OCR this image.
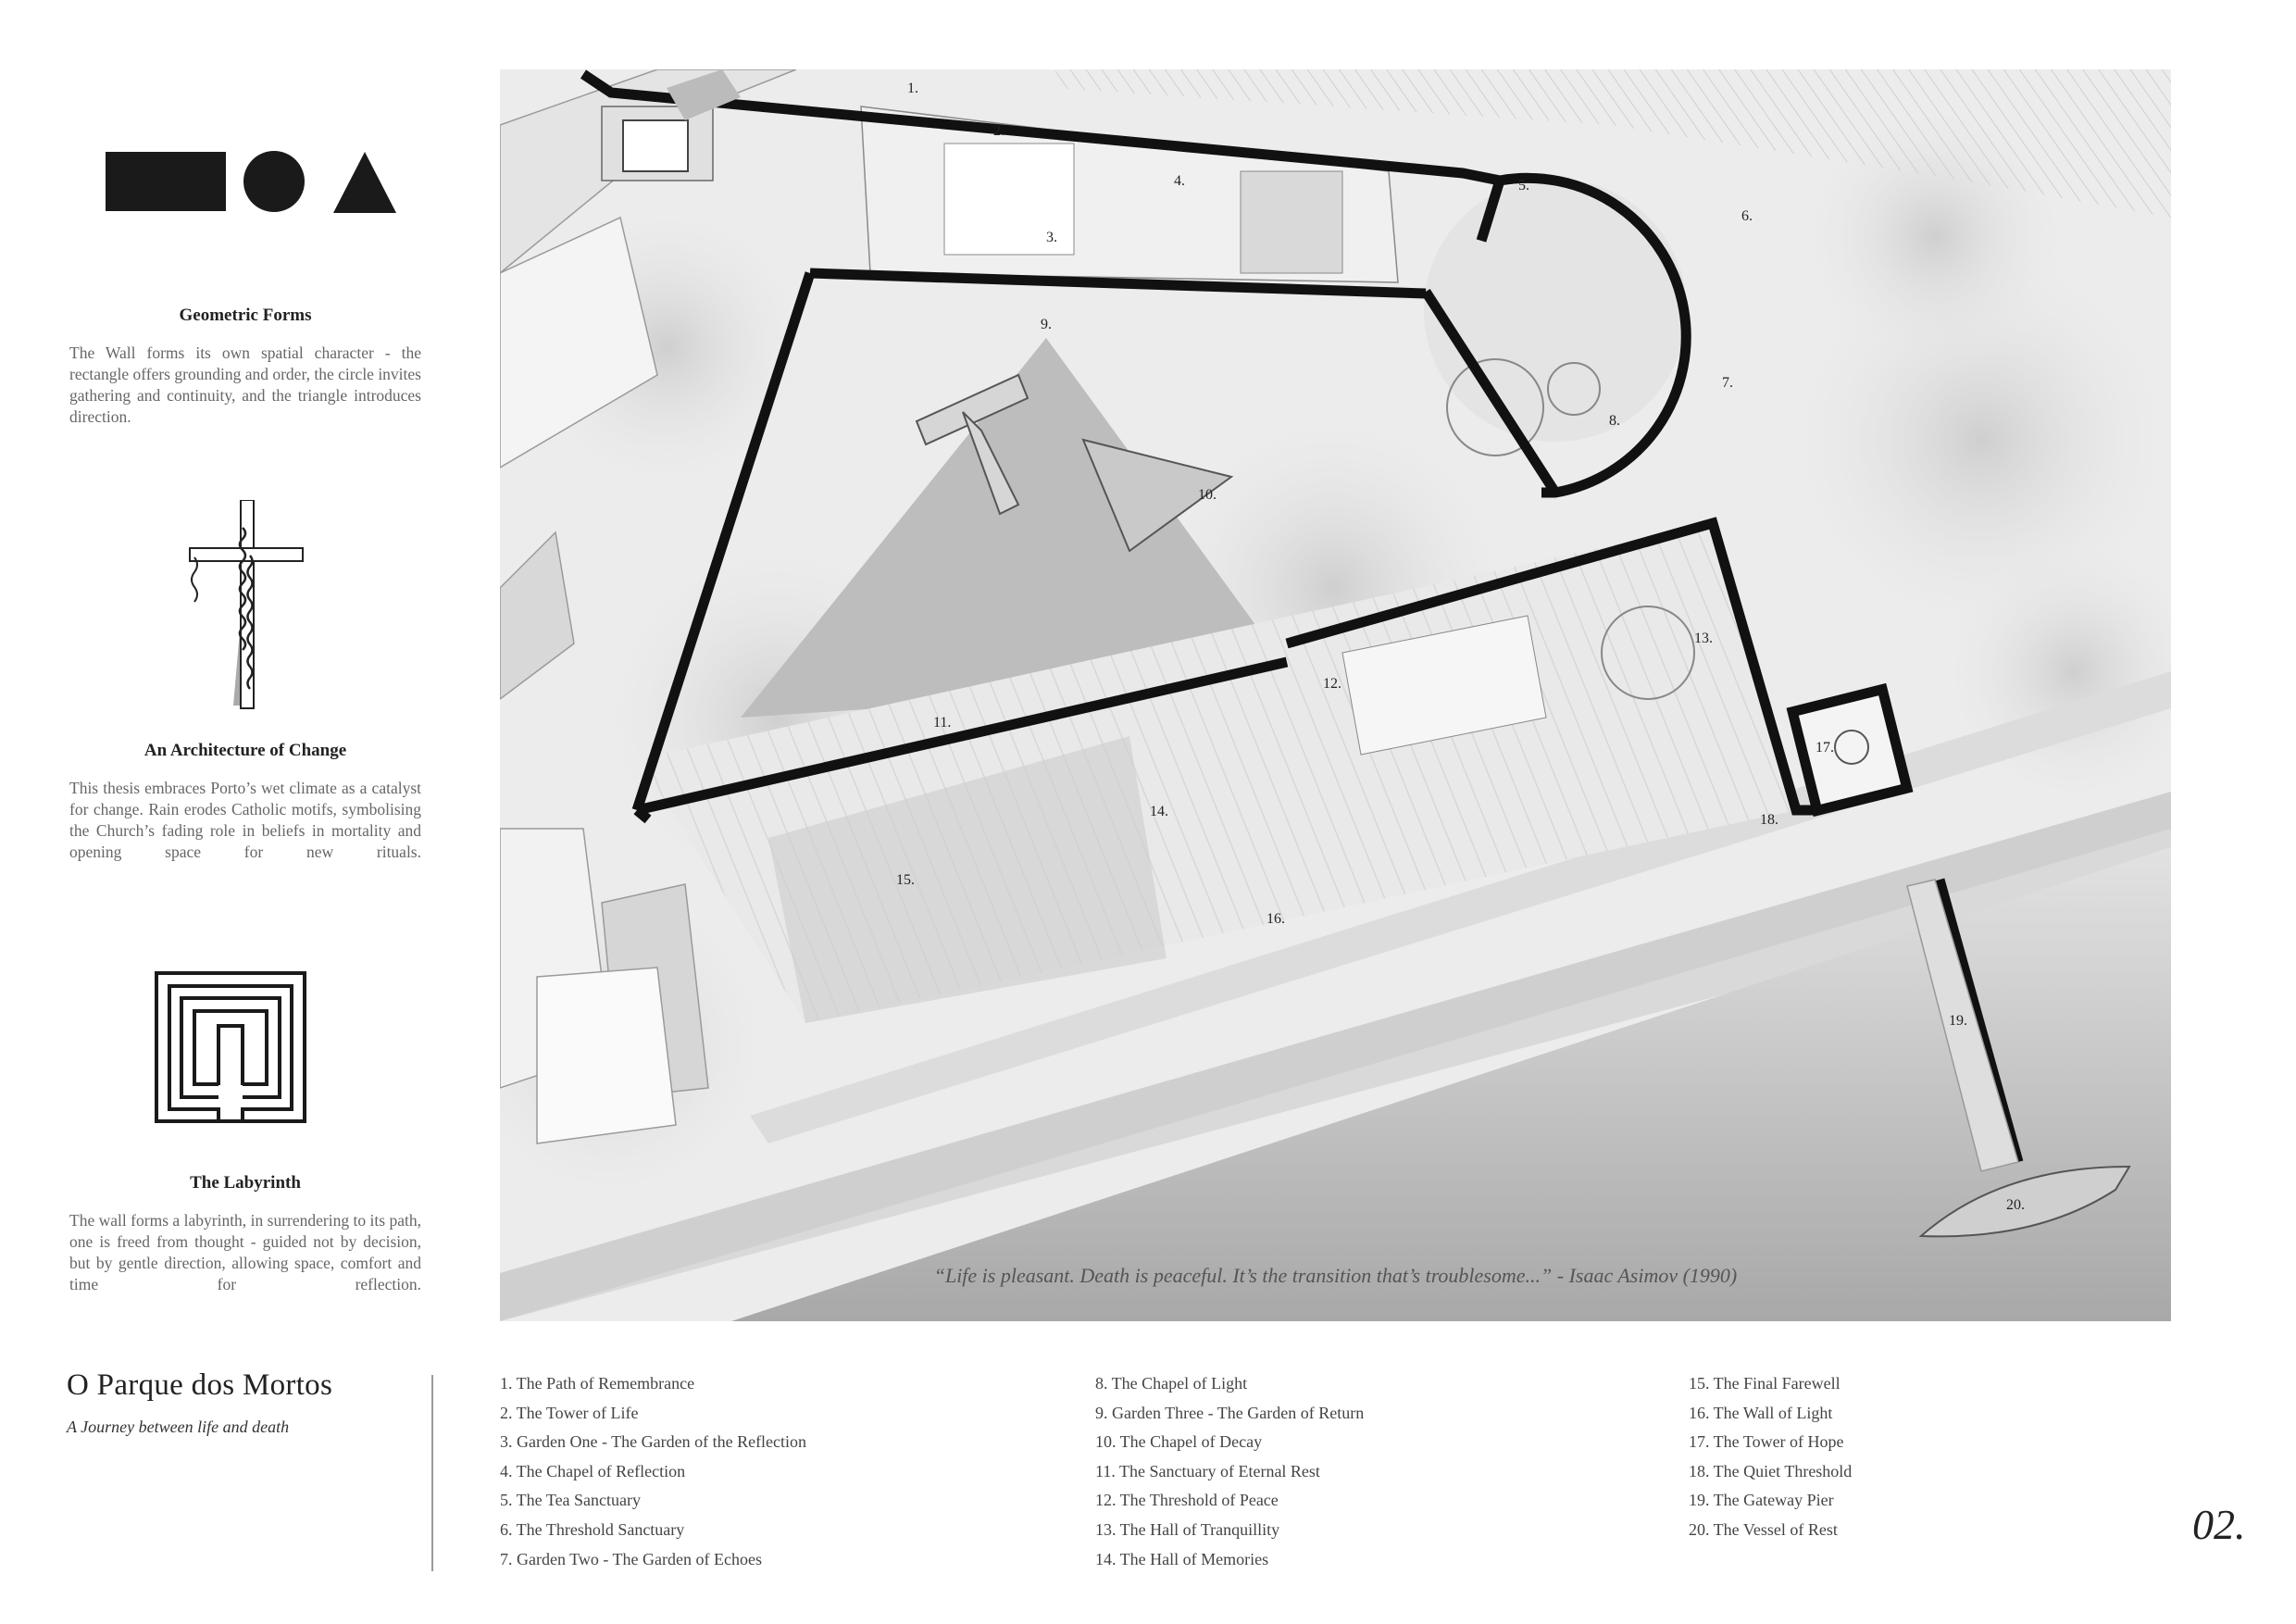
Geometric Forms
The Wall forms its own spatial character - the rectangle offers grounding and order, the circle invites gathering and continuity, and the triangle introduces direction.
An Architecture of Change
This thesis embraces Porto’s wet climate as a catalyst for change. Rain erodes Catholic motifs, symbolising the Church’s fading role in beliefs in mortality and opening space for new rituals.
The Labyrinth
The wall forms a labyrinth, in surrendering to its path, one is freed from thought - guided not by decision, but by gentle direction, allowing space, comfort and time for reflection.
1.
2.
3.
4.	5.
6.
7.
8.
9.
10.
11.
12.
13.
14.
15.
16.
17.
18.
19.
20.
“Life is pleasant. Death is peaceful. It’s the transition that’s troublesome...” - Isaac Asimov (1990)
O Parque dos Mortos
A Journey between life and death
1. The Path of Remembrance
2. The Tower of Life
3. Garden One - The Garden of the Reflection
4. The Chapel of Reflection
5. The Tea Sanctuary
6. The Threshold Sanctuary
7. Garden Two - The Garden of Echoes
8. The Chapel of Light
9. Garden Three - The Garden of Return
10. The Chapel of Decay
11. The Sanctuary of Eternal Rest
12. The Threshold of Peace
13. The Hall of Tranquillity
14. The Hall of Memories
15. The Final Farewell
16. The Wall of Light
17. The Tower of Hope
18. The Quiet Threshold
19. The Gateway Pier
20. The Vessel of Rest	02.
